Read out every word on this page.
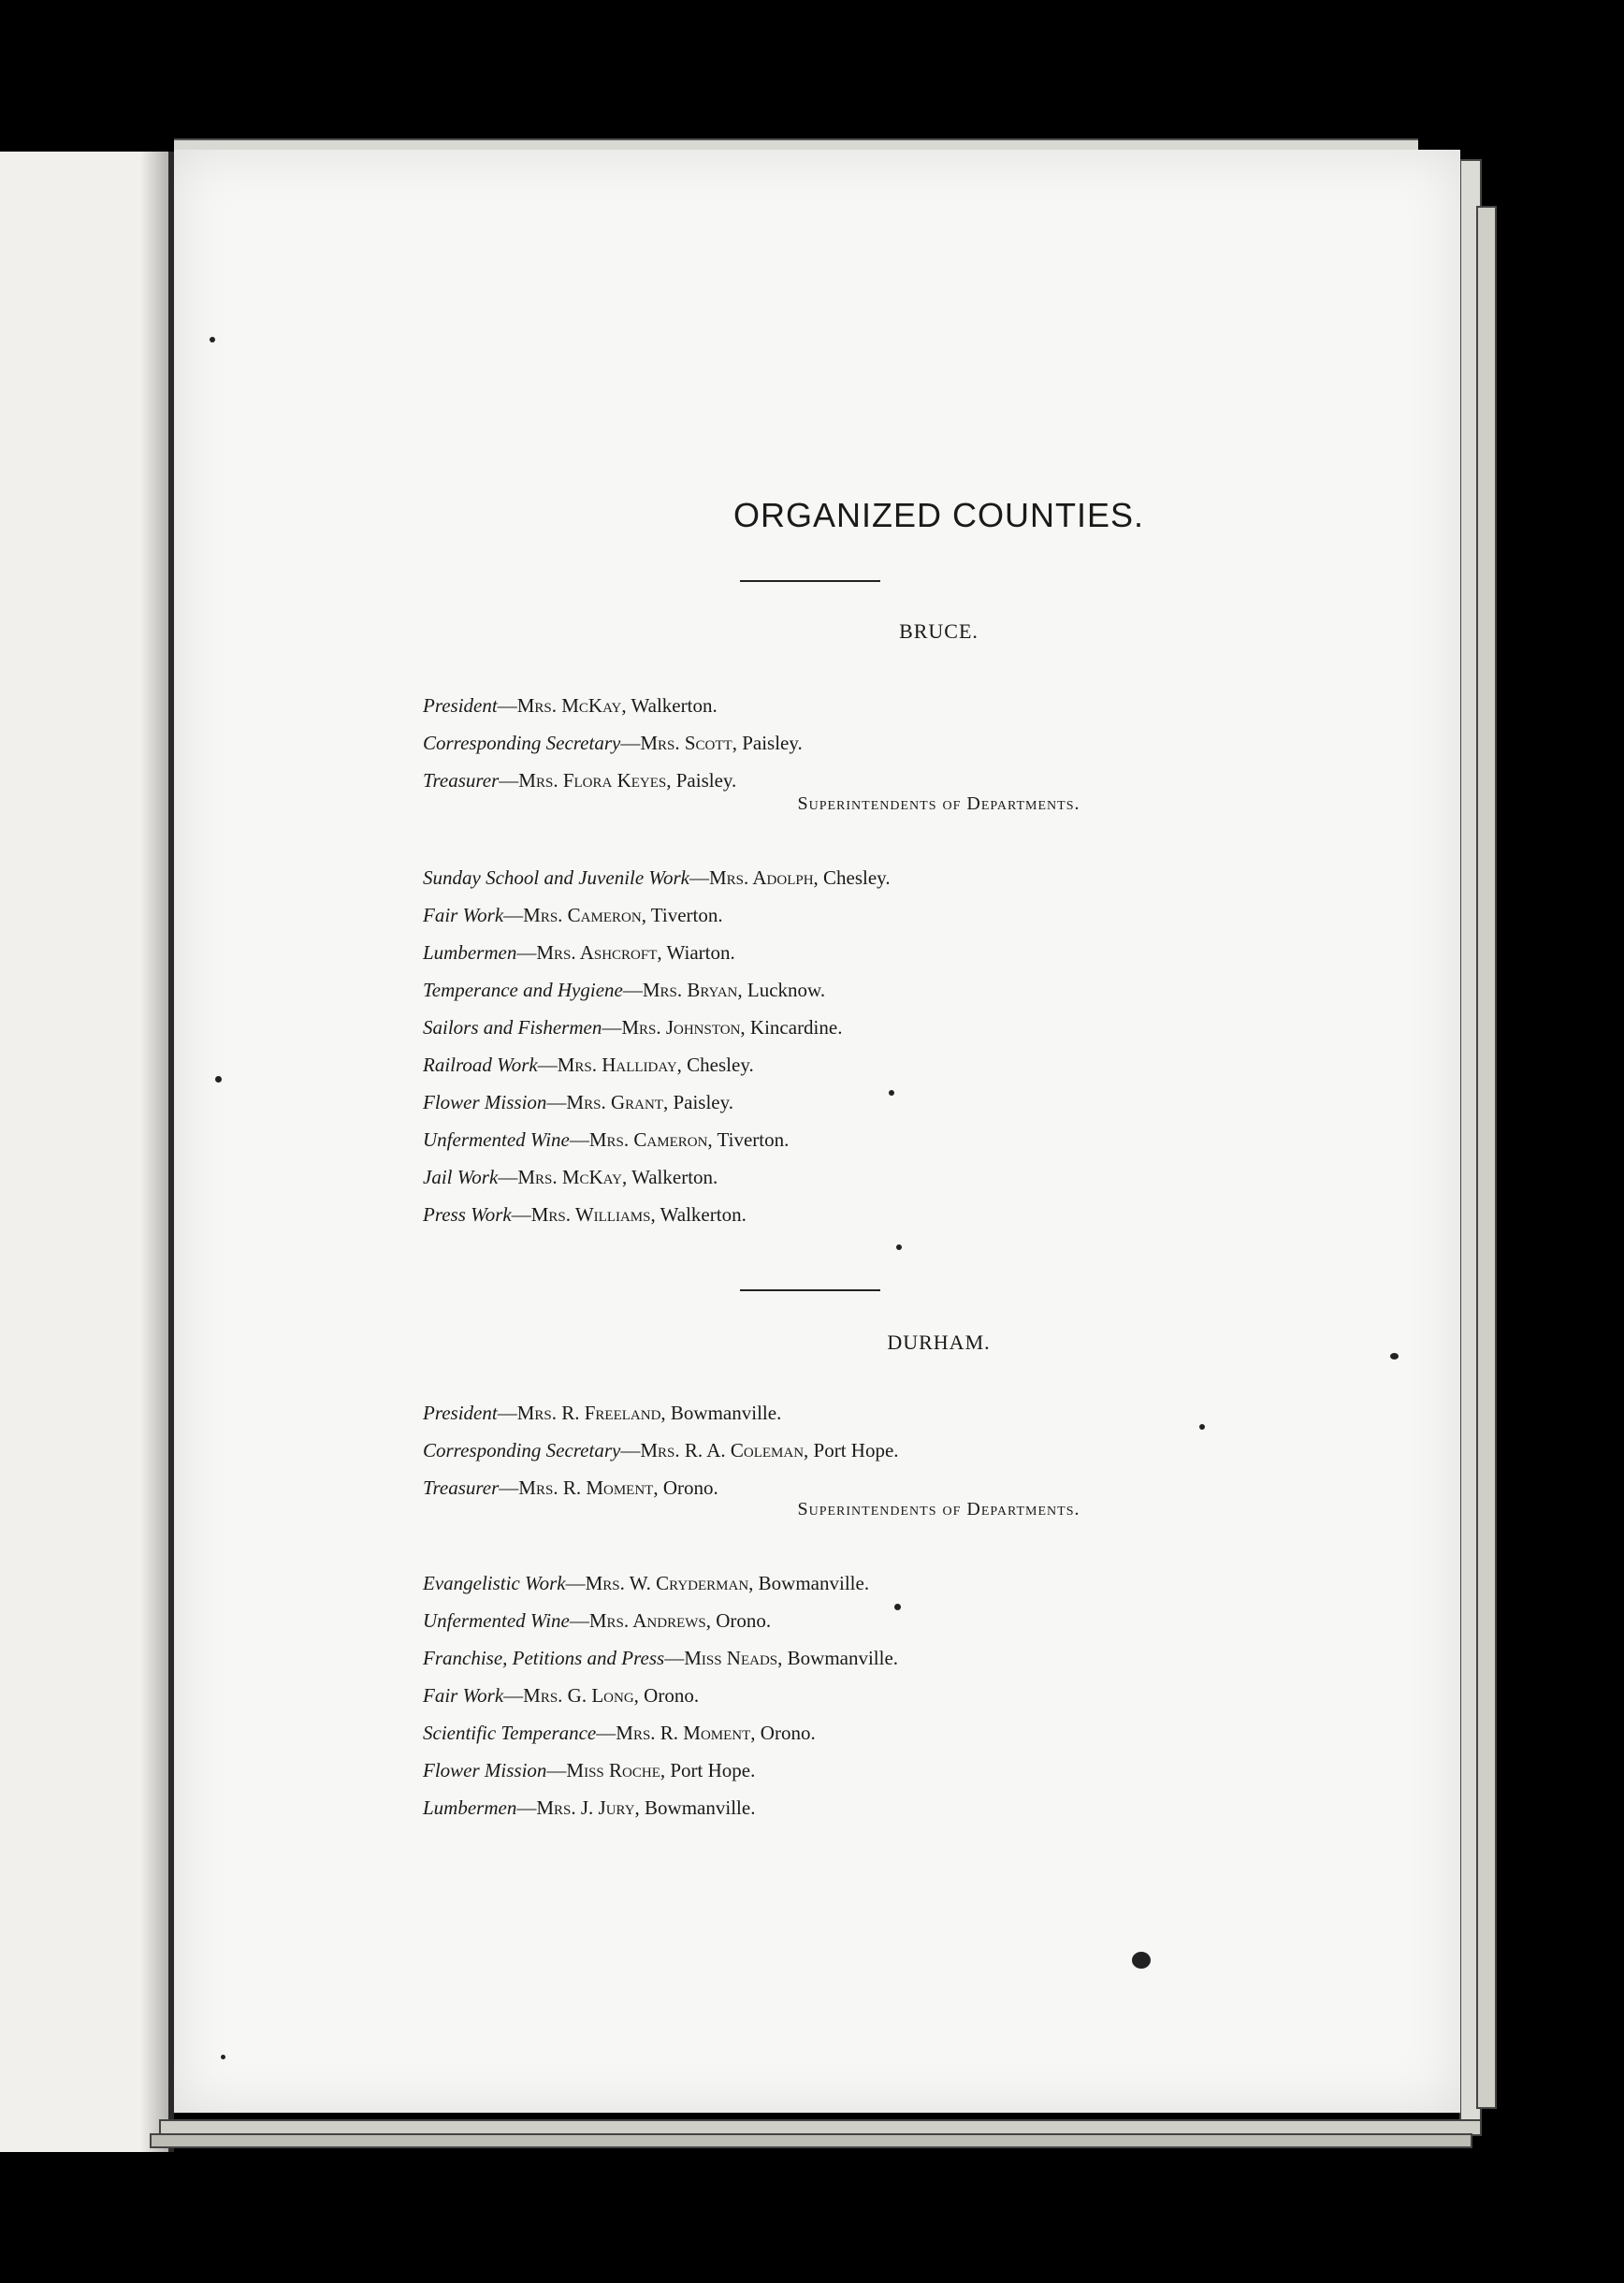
ORGANIZED COUNTIES.
BRUCE.
President—Mrs. McKay, Walkerton.
Corresponding Secretary—Mrs. Scott, Paisley.
Treasurer—Mrs. Flora Keyes, Paisley.
Superintendents of Departments.
Sunday School and Juvenile Work—Mrs. Adolph, Chesley.
Fair Work—Mrs. Cameron, Tiverton.
Lumbermen—Mrs. Ashcroft, Wiarton.
Temperance and Hygiene—Mrs. Bryan, Lucknow.
Sailors and Fishermen—Mrs. Johnston, Kincardine.
Railroad Work—Mrs. Halliday, Chesley.
Flower Mission—Mrs. Grant, Paisley.
Unfermented Wine—Mrs. Cameron, Tiverton.
Jail Work—Mrs. McKay, Walkerton.
Press Work—Mrs. Williams, Walkerton.
DURHAM.
President—Mrs. R. Freeland, Bowmanville.
Corresponding Secretary—Mrs. R. A. Coleman, Port Hope.
Treasurer—Mrs. R. Moment, Orono.
Superintendents of Departments.
Evangelistic Work—Mrs. W. Cryderman, Bowmanville.
Unfermented Wine—Mrs. Andrews, Orono.
Franchise, Petitions and Press—Miss Neads, Bowmanville.
Fair Work—Mrs. G. Long, Orono.
Scientific Temperance—Mrs. R. Moment, Orono.
Flower Mission—Miss Roche, Port Hope.
Lumbermen—Mrs. J. Jury, Bowmanville.
